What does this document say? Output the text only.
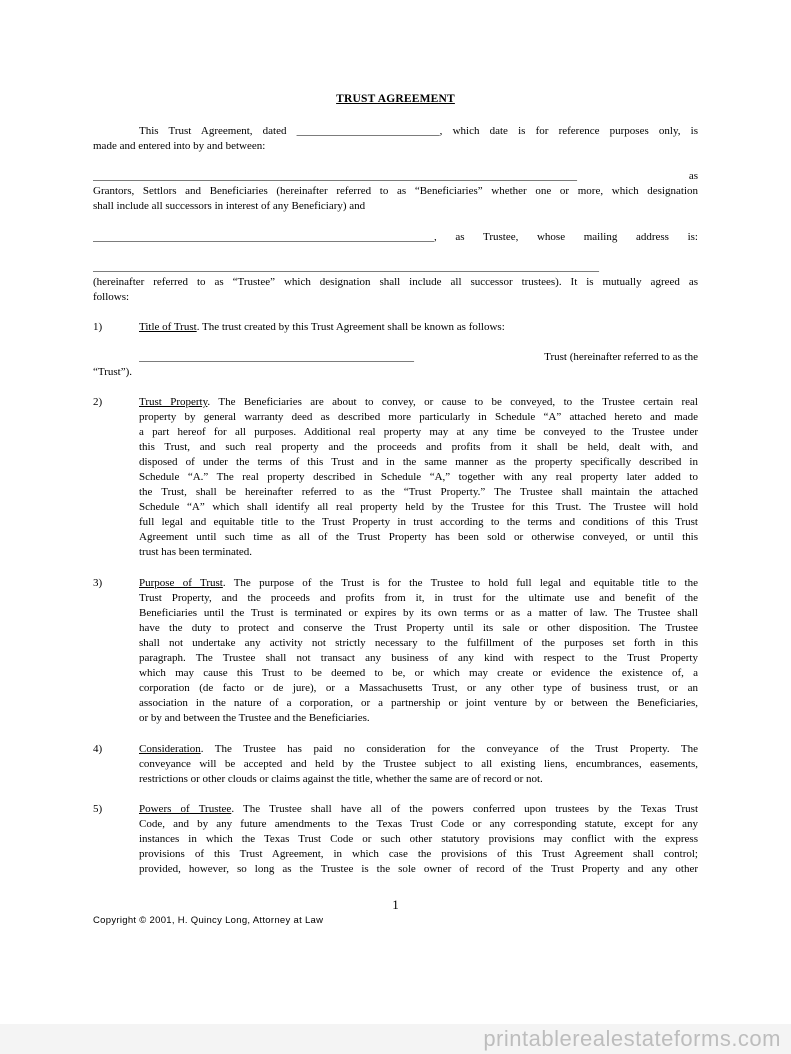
TRUST AGREEMENT
This Trust Agreement, dated __________________________, which date is for reference purposes only, is
made and entered into by and between:
________________________________________________________________________________________	as
Grantors, Settlors and Beneficiaries (hereinafter referred to as “Beneficiaries” whether one or more, which designation
shall include all successors in interest of any Beneficiary) and
______________________________________________________________, as Trustee, whose mailing address is:
____________________________________________________________________________________________
(hereinafter referred to as “Trustee” which designation shall include all successor trustees). It is mutually agreed as
follows:
1)	Title of Trust. The trust created by this Trust Agreement shall be known as follows:
__________________________________________________	Trust (hereinafter referred to as the
“Trust”).
2)	Trust Property. The Beneficiaries are about to convey, or cause to be conveyed, to the Trustee certain real
property by general warranty deed as described more particularly in Schedule “A” attached hereto and made
a part hereof for all purposes. Additional real property may at any time be conveyed to the Trustee under
this Trust, and such real property and the proceeds and profits from it shall be held, dealt with, and
disposed of under the terms of this Trust and in the same manner as the property specifically described in
Schedule “A.” The real property described in Schedule “A,” together with any real property later added to
the Trust, shall be hereinafter referred to as the “Trust Property.” The Trustee shall maintain the attached
Schedule “A” which shall identify all real property held by the Trustee for this Trust. The Trustee will hold
full legal and equitable title to the Trust Property in trust according to the terms and conditions of this Trust
Agreement until such time as all of the Trust Property has been sold or otherwise conveyed, or until this
trust has been terminated.
3)	Purpose of Trust. The purpose of the Trust is for the Trustee to hold full legal and equitable title to the
Trust Property, and the proceeds and profits from it, in trust for the ultimate use and benefit of the
Beneficiaries until the Trust is terminated or expires by its own terms or as a matter of law. The Trustee shall
have the duty to protect and conserve the Trust Property until its sale or other disposition. The Trustee
shall not undertake any activity not strictly necessary to the fulfillment of the purposes set forth in this
paragraph. The Trustee shall not transact any business of any kind with respect to the Trust Property
which may cause this Trust to be deemed to be, or which may create or evidence the existence of, a
corporation (de facto or de jure), or a Massachusetts Trust, or any other type of business trust, or an
association in the nature of a corporation, or a partnership or joint venture by or between the Beneficiaries,
or by and between the Trustee and the Beneficiaries.
4)	Consideration. The Trustee has paid no consideration for the conveyance of the Trust Property. The
conveyance will be accepted and held by the Trustee subject to all existing liens, encumbrances, easements,
restrictions or other clouds or claims against the title, whether the same are of record or not.
5)	Powers of Trustee. The Trustee shall have all of the powers conferred upon trustees by the Texas Trust
Code, and by any future amendments to the Texas Trust Code or any corresponding statute, except for any
instances in which the Texas Trust Code or such other statutory provisions may conflict with the express
provisions of this Trust Agreement, in which case the provisions of this Trust Agreement shall control;
provided, however, so long as the Trustee is the sole owner of record of the Trust Property and any other
1
Copyright © 2001, H. Quincy Long, Attorney at Law
printablerealestateforms.com
